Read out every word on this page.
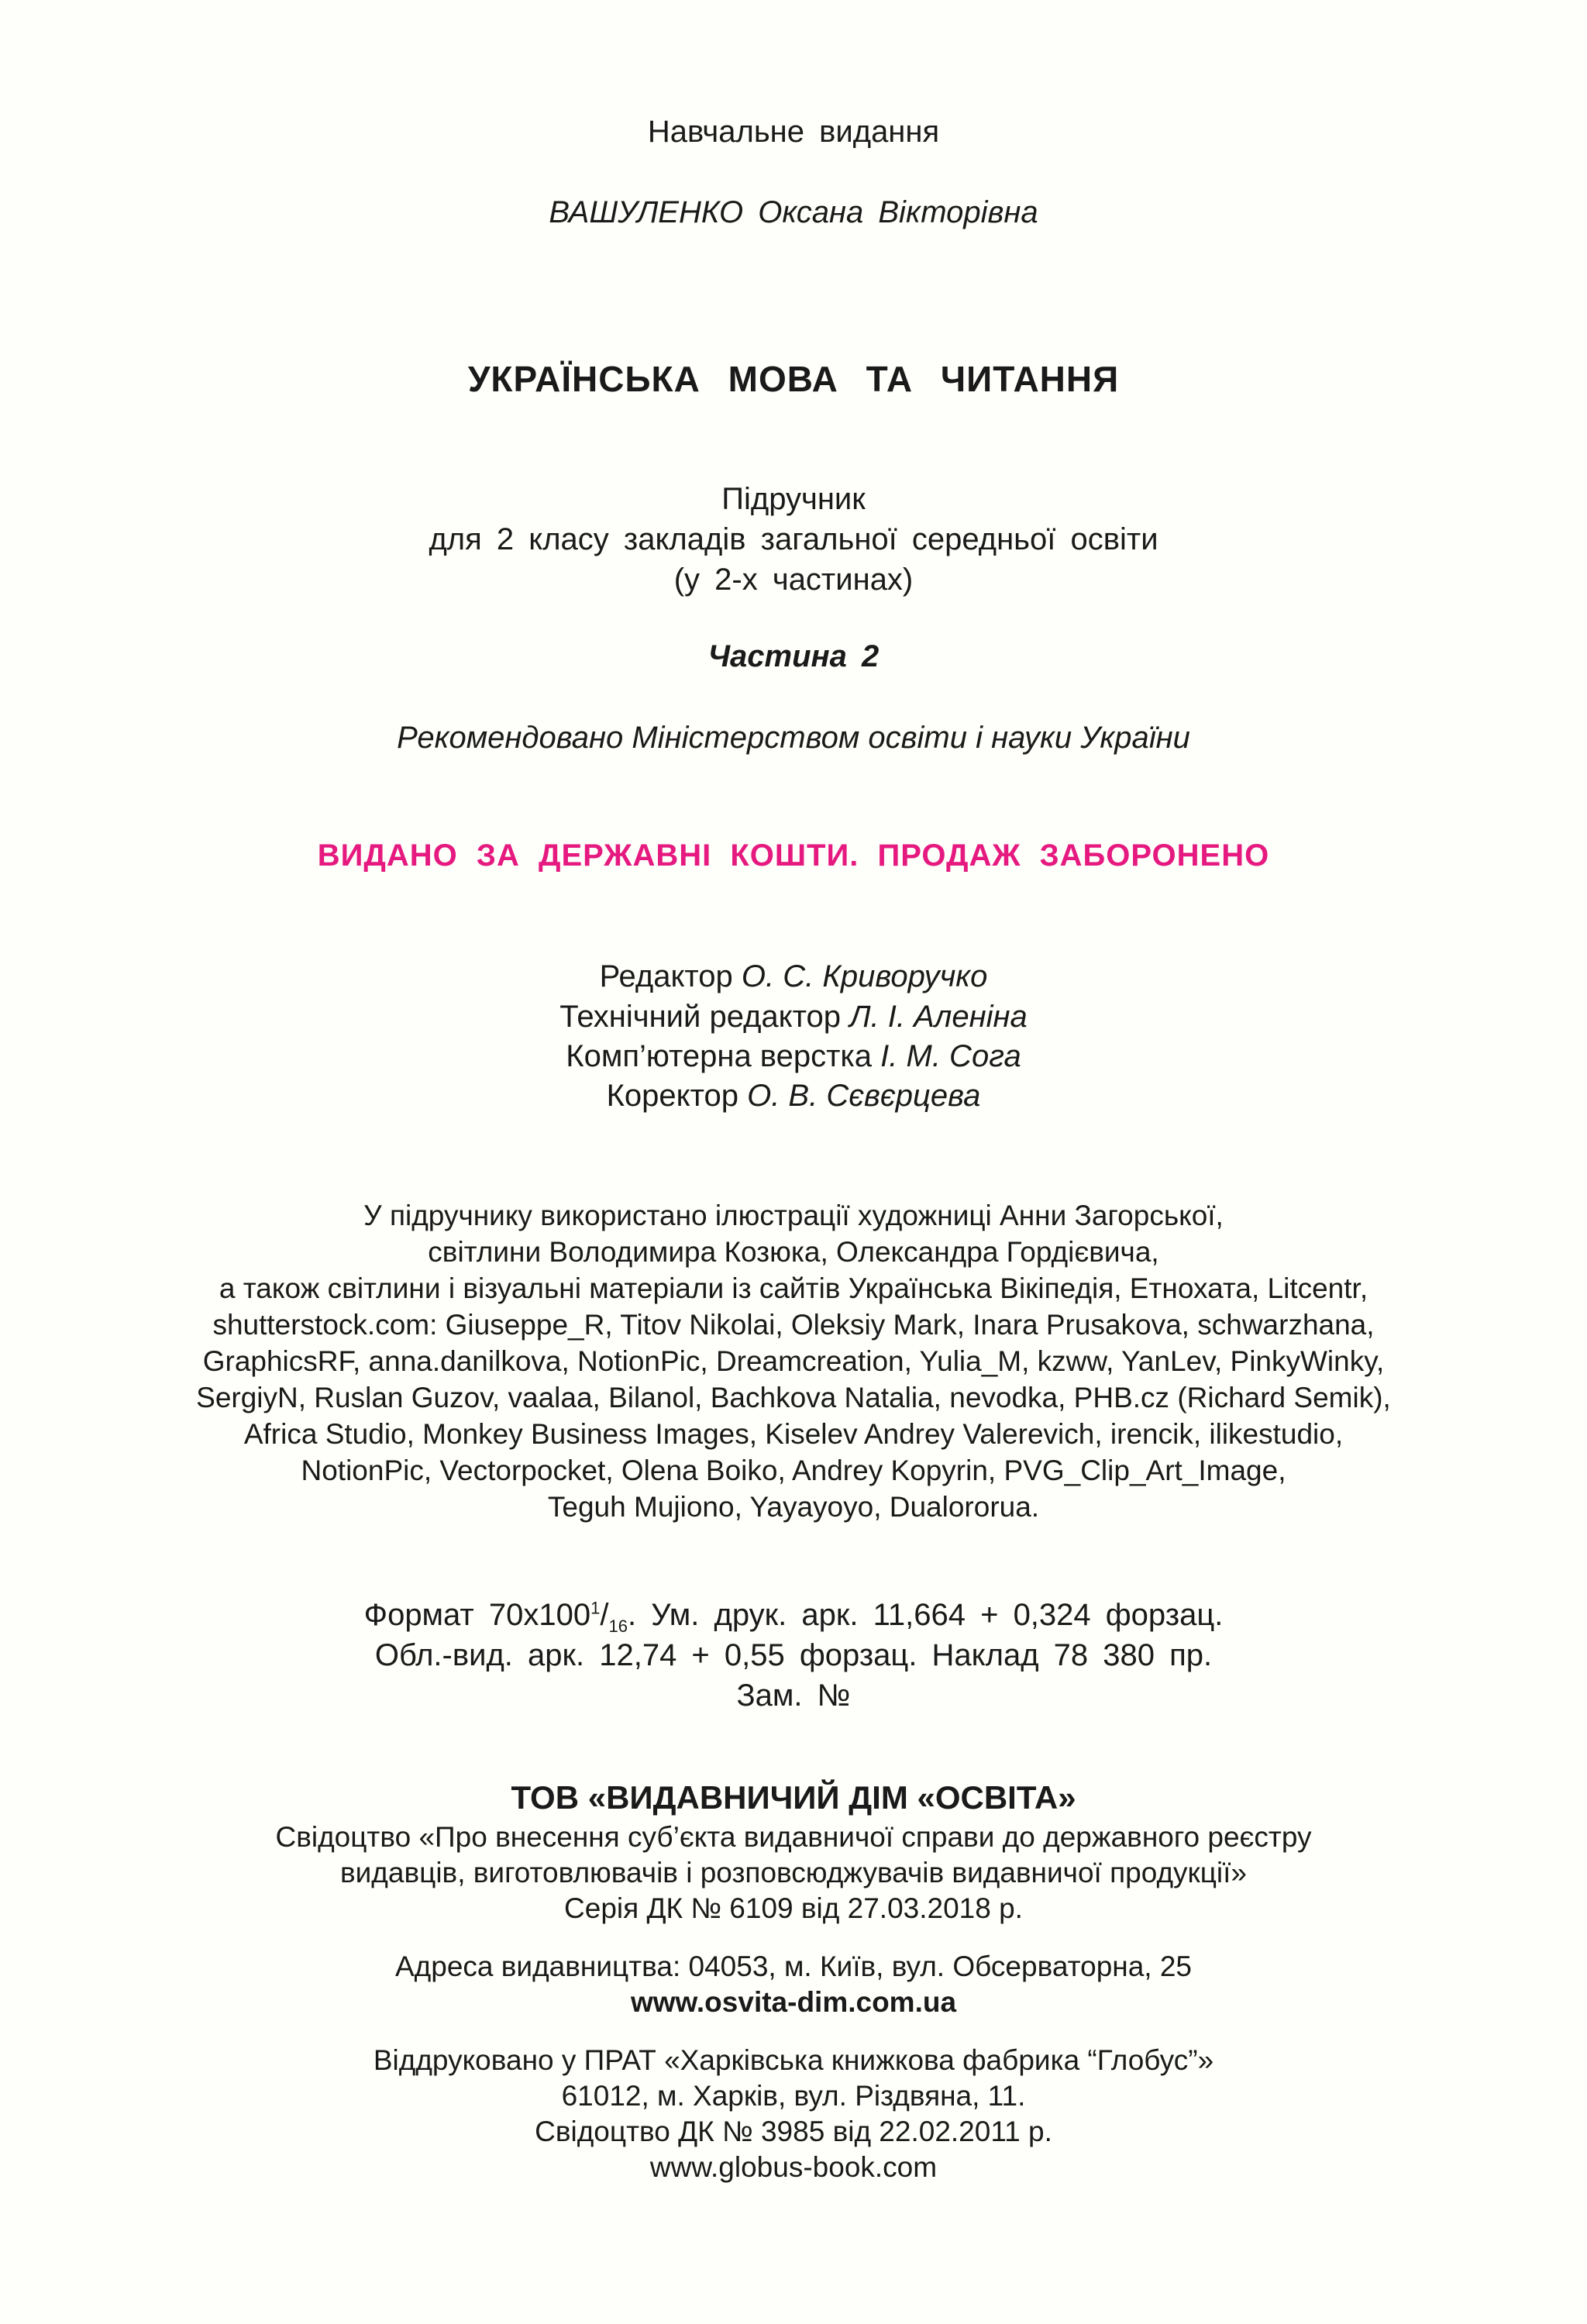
Навчальне видання
ВАШУЛЕНКО Оксана Вікторівна
УКРАЇНСЬКА МОВА ТА ЧИТАННЯ
Підручник
для 2 класу закладів загальної середньої освіти
(у 2-х частинах)
Частина 2
Рекомендовано Міністерством освіти і науки України
ВИДАНО ЗА ДЕРЖАВНІ КОШТИ. ПРОДАЖ ЗАБОРОНЕНО
Редактор О. С. Криворучко
Технічний редактор Л. І. Аленіна
Комп’ютерна верстка І. М. Сога
Коректор О. В. Сєвєрцева
У підручнику використано ілюстрації художниці Анни Загорської,
світлини Володимира Козюка, Олександра Гордієвича,
а також світлини і візуальні матеріали із сайтів Українська Вікіпедія, Етнохата, Litcentr,
shutterstock.com: Giuseppe_R, Titov Nikolai, Oleksiy Mark, Inara Prusakova, schwarzhana,
GraphicsRF, anna.danilkova, NotionPic, Dreamcreation, Yulia_M, kzww, YanLev, PinkyWinky,
SergiyN, Ruslan Guzov, vaalaa, Bilanol, Bachkova Natalia, nevodka, PHB.cz (Richard Semik),
Africa Studio, Monkey Business Images, Kiselev Andrey Valerevich, irencik, ilikestudio,
NotionPic, Vectorpocket, Olena Boiko, Andrey Kopyrin, PVG_Clip_Art_Image,
Teguh Mujiono, Yayayoyo, Dualororua.
Формат $70x100^1/_{16}$. Ум. друк. арк. 11,664 + 0,324 форзац.
Обл.-вид. арк. 12,74 + 0,55 форзац. Наклад 78 380 пр.
Зам. №
ТОВ «ВИДАВНИЧИЙ ДІМ «ОСВІТА»
Свідоцтво «Про внесення суб’єкта видавничої справи до державного реєстру
видавців, виготовлювачів і розповсюджувачів видавничої продукції»
Серія ДК № 6109 від 27.03.2018 р.
Адреса видавництва: 04053, м. Київ, вул. Обсерваторна, 25
www.osvita-dim.com.ua
Віддруковано у ПРАТ «Харківська книжкова фабрика “Глобус”»
61012, м. Харків, вул. Різдвяна, 11.
Свідоцтво ДК № 3985 від 22.02.2011 р.
www.globus-book.com
